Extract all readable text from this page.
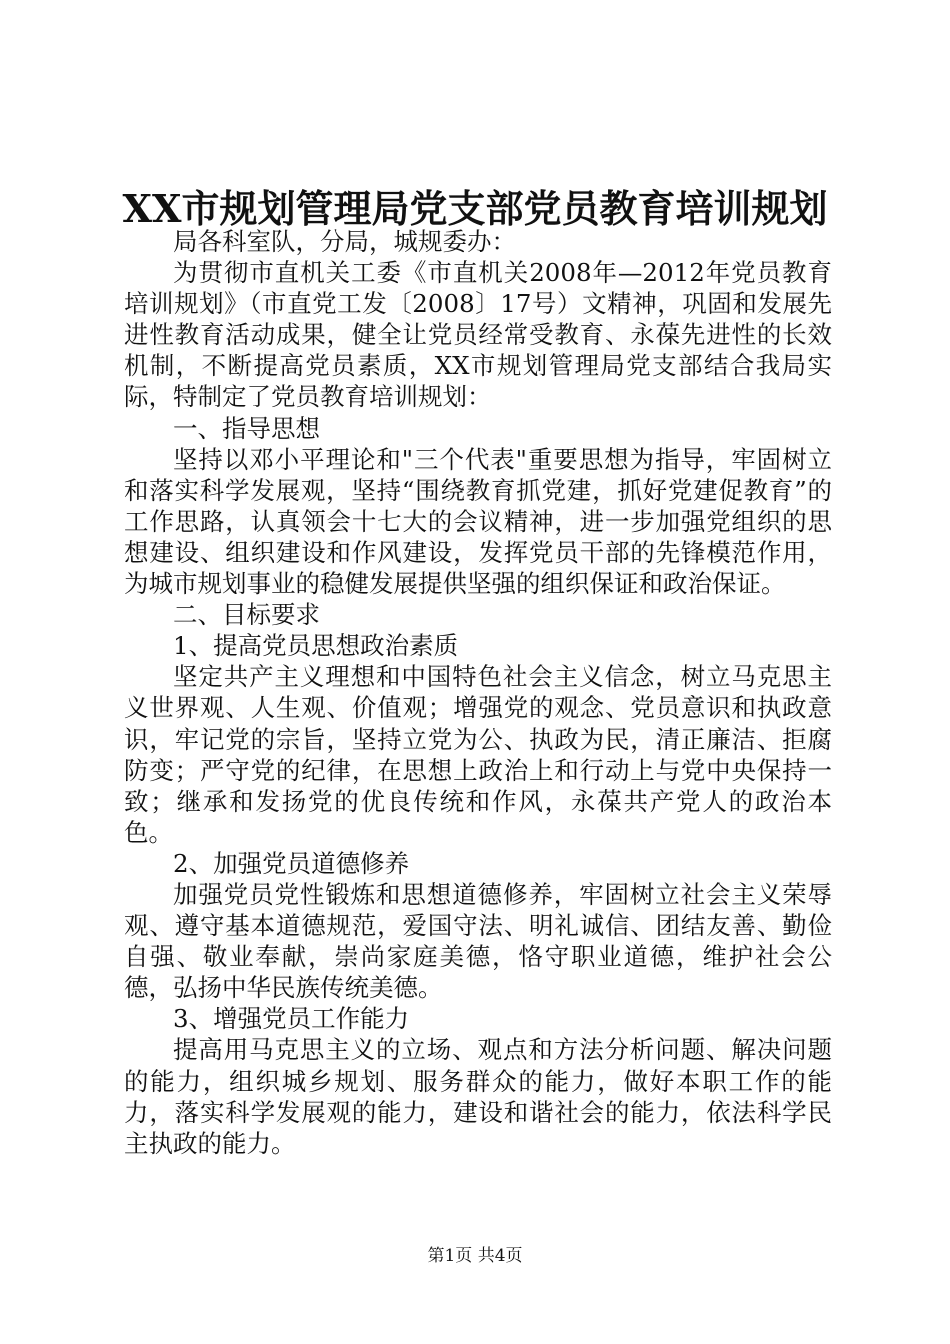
XX市规划管理局党支部党员教育培训规划

局各科室队，分局，城规委办：

为贯彻市直机关工委《市直机关2008年—2012年党员教育培训规划》（市直党工发〔2008〕17号）文精神，巩固和发展先进性教育活动成果，健全让党员经常受教育、永葆先进性的长效机制，不断提高党员素质，XX市规划管理局党支部结合我局实际，特制定了党员教育培训规划：

一、指导思想

坚持以邓小平理论和"三个代表"重要思想为指导，牢固树立和落实科学发展观，坚持“围绕教育抓党建，抓好党建促教育”的工作思路，认真领会十七大的会议精神，进一步加强党组织的思想建设、组织建设和作风建设，发挥党员干部的先锋模范作用，为城市规划事业的稳健发展提供坚强的组织保证和政治保证。

二、目标要求

1、提高党员思想政治素质

坚定共产主义理想和中国特色社会主义信念，树立马克思主义世界观、人生观、价值观；增强党的观念、党员意识和执政意识，牢记党的宗旨，坚持立党为公、执政为民，清正廉洁、拒腐防变；严守党的纪律，在思想上政治上和行动上与党中央保持一致；继承和发扬党的优良传统和作风，永葆共产党人的政治本色。

2、加强党员道德修养

加强党员党性锻炼和思想道德修养，牢固树立社会主义荣辱观、遵守基本道德规范，爱国守法、明礼诚信、团结友善、勤俭自强、敬业奉献，崇尚家庭美德，恪守职业道德，维护社会公德，弘扬中华民族传统美德。

3、增强党员工作能力

提高用马克思主义的立场、观点和方法分析问题、解决问题的能力，组织城乡规划、服务群众的能力，做好本职工作的能力，落实科学发展观的能力，建设和谐社会的能力，依法科学民主执政的能力。

第1页 共4页
